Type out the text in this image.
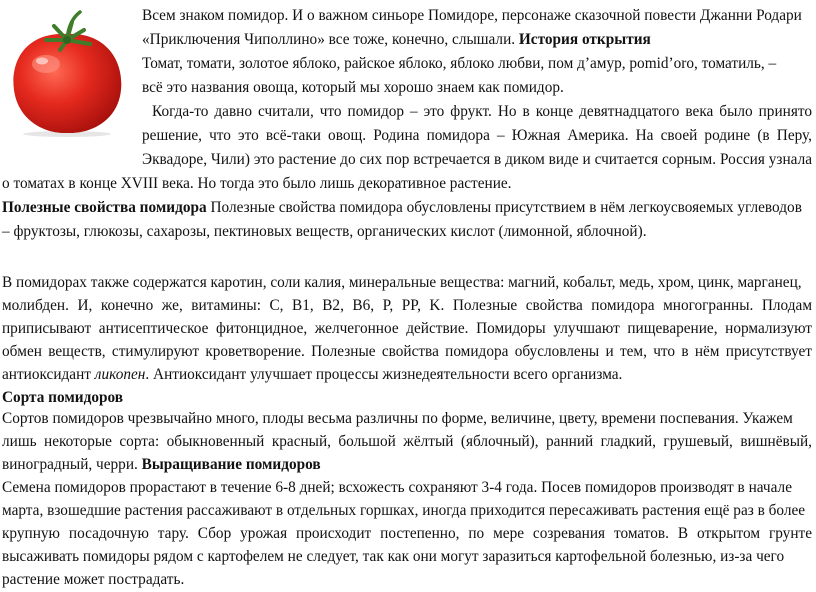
Всем знаком помидор. И о важном синьоре Помидоре, персонаже сказочной повести Джанни Родари
«Приключения Чиполлино» все тоже, конечно, слышали. История открытия
Томат, томати, золотое яблоко, райское яблоко, яблоко любви, пом д’амур, pomid’oro, томатиль, –
всё это названия овоща, который мы хорошо знаем как помидор.
Когда-то давно считали, что помидор – это фрукт. Но в конце девятнадцатого века было принято
решение, что это всё-таки овощ. Родина помидора – Южная Америка. На своей родине (в Перу,
Эквадоре, Чили) это растение до сих пор встречается в диком виде и считается сорным. Россия узнала
о томатах в конце XVIII века. Но тогда это было лишь декоративное растение.
Полезные свойства помидора Полезные свойства помидора обусловлены присутствием в нём легкоусвояемых углеводов
– фруктозы, глюкозы, сахарозы, пектиновых веществ, органических кислот (лимонной, яблочной).
В помидорах также содержатся каротин, соли калия, минеральные вещества: магний, кобальт, медь, хром, цинк, марганец,
молибден. И, конечно же, витамины: С, B1, B2, B6, P, PP, K. Полезные свойства помидора многогранны. Плодам
приписывают антисептическое фитонцидное, желчегонное действие. Помидоры улучшают пищеварение, нормализуют
обмен веществ, стимулируют кроветворение. Полезные свойства помидора обусловлены и тем, что в нём присутствует
антиоксидант ликопен. Антиоксидант улучшает процессы жизнедеятельности всего организма.
Сорта помидоров
Сортов помидоров чрезвычайно много, плоды весьма различны по форме, величине, цвету, времени поспевания. Укажем
лишь некоторые сорта: обыкновенный красный, большой жёлтый (яблочный), ранний гладкий, грушевый, вишнёвый,
виноградный, черри. Выращивание помидоров
Семена помидоров прорастают в течение 6-8 дней; всхожесть сохраняют 3-4 года. Посев помидоров производят в начале
марта, взошедшие растения рассаживают в отдельных горшках, иногда приходится пересаживать растения ещё раз в более
крупную посадочную тару. Сбор урожая происходит постепенно, по мере созревания томатов. В открытом грунте
высаживать помидоры рядом с картофелем не следует, так как они могут заразиться картофельной болезнью, из-за чего
растение может пострадать.
